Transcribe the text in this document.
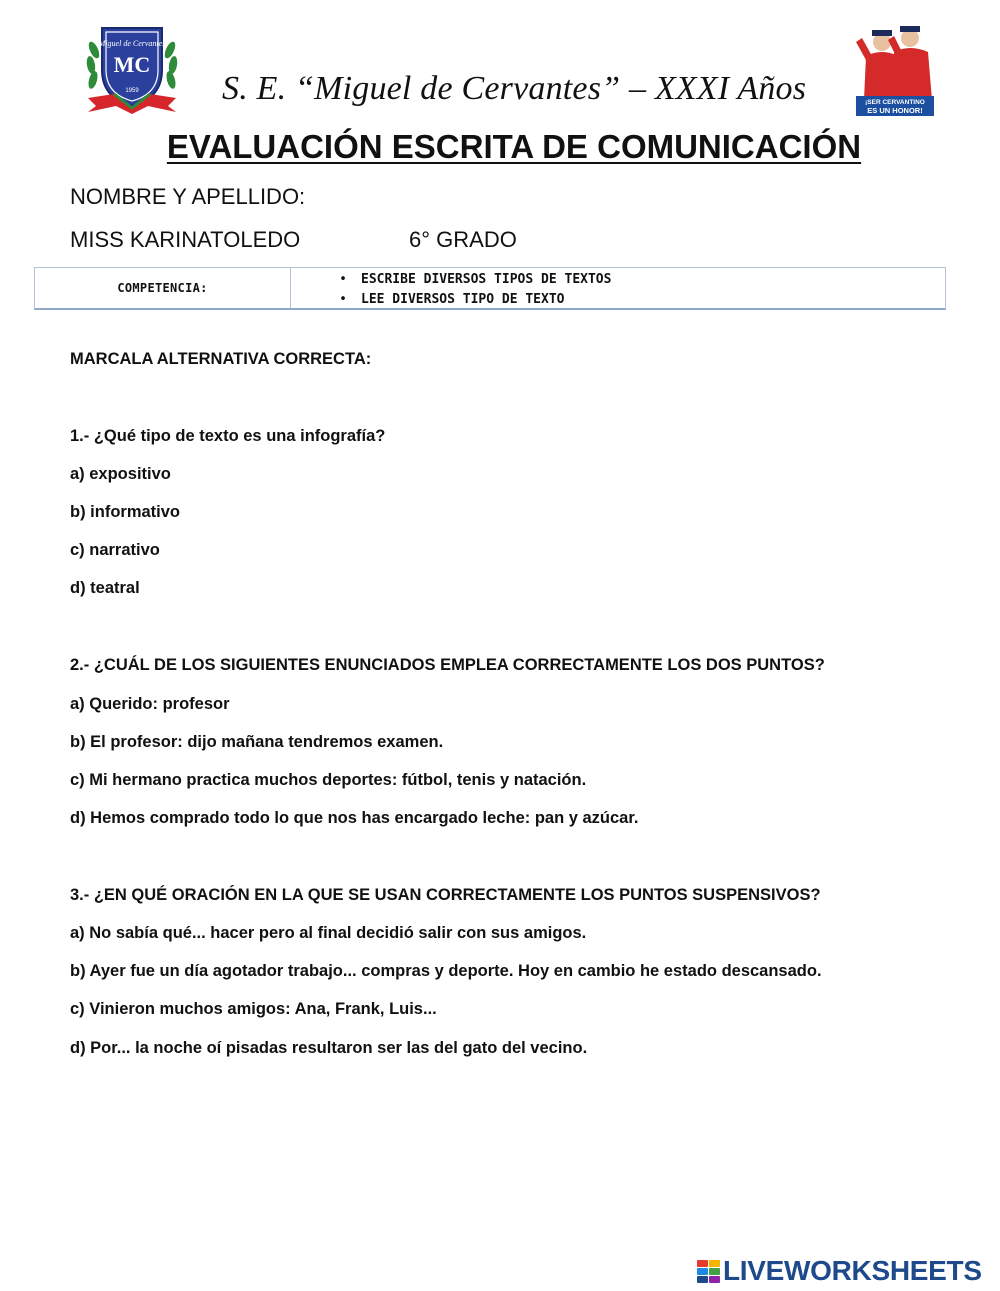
Miguel de Cervantes
MC
1959 S. E. “Miguel de Cervantes” – XXXI Años	¡SER CERVANTINO
ES UN HONOR!
EVALUACIÓN ESCRITA DE COMUNICACIÓN
NOMBRE Y APELLIDO:
MISS KARINATOLEDO	6° GRADO
COMPETENCIA:
• ESCRIBE DIVERSOS TIPOS DE TEXTOS
• LEE DIVERSOS TIPO DE TEXTO
MARCALA ALTERNATIVA CORRECTA:
1.- ¿Qué tipo de texto es una infografía?
a) expositivo
b) informativo
c) narrativo
d) teatral
2.- ¿CUÁL DE LOS SIGUIENTES ENUNCIADOS EMPLEA CORRECTAMENTE LOS DOS PUNTOS?
a) Querido: profesor
b) El profesor: dijo mañana tendremos examen.
c) Mi hermano practica muchos deportes: fútbol, tenis y natación.
d) Hemos comprado todo lo que nos has encargado leche: pan y azúcar.
3.- ¿EN QUÉ ORACIÓN EN LA QUE SE USAN CORRECTAMENTE LOS PUNTOS SUSPENSIVOS?
a) No sabía qué... hacer pero al final decidió salir con sus amigos.
b) Ayer fue un día agotador trabajo... compras y deporte. Hoy en cambio he estado descansado.
c) Vinieron muchos amigos: Ana, Frank, Luis...
d) Por... la noche oí pisadas resultaron ser las del gato del vecino.
LIVEWORKSHEETS
